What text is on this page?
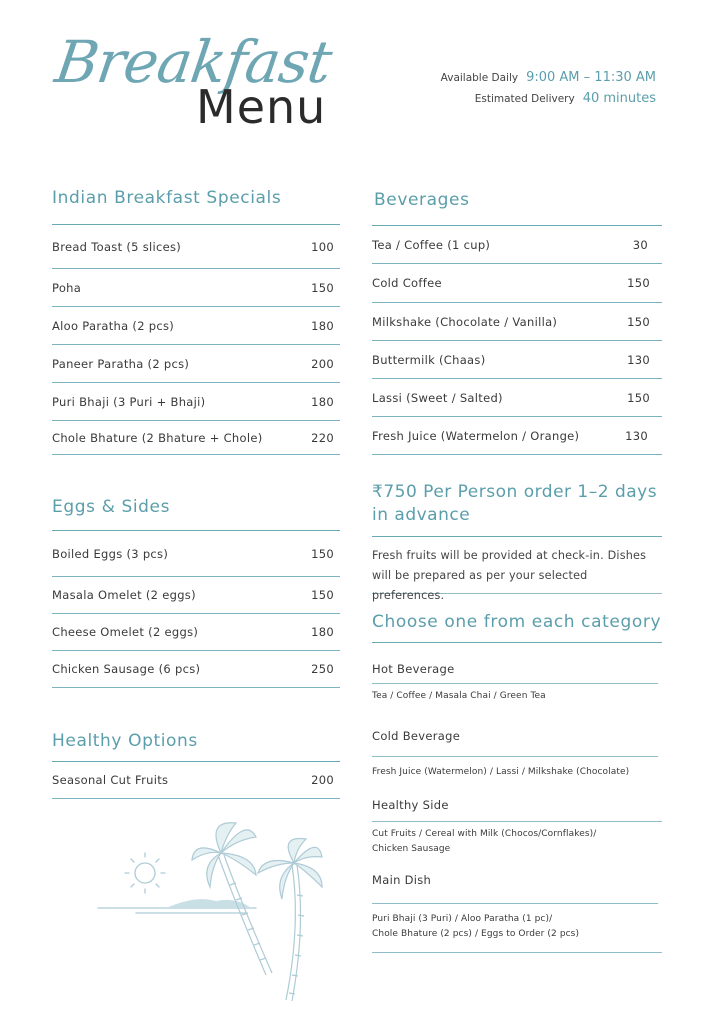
Breakfast
Menu
Available Daily 9:00 AM – 11:30 AM
Estimated Delivery 40 minutes
Indian Breakfast Specials
Bread Toast (5 slices)	100
Poha	150
Aloo Paratha (2 pcs)	180
Paneer Paratha (2 pcs)	200
Puri Bhaji (3 Puri + Bhaji)	180
Chole Bhature (2 Bhature + Chole)	220
Eggs & Sides
Boiled Eggs (3 pcs)	150
Masala Omelet (2 eggs)	150
Cheese Omelet (2 eggs)	180
Chicken Sausage (6 pcs)	250
Healthy Options
Seasonal Cut Fruits	200
Beverages
Tea / Coffee (1 cup)	30
Cold Coffee	150
Milkshake (Chocolate / Vanilla)	150
Buttermilk (Chaas)	130
Lassi (Sweet / Salted)	150
Fresh Juice (Watermelon / Orange)	130
₹750 Per Person order 1–2 days in advance
Fresh fruits will be provided at check-in. Dishes will be prepared as per your selected preferences.
Choose one from each category
Hot Beverage
Tea / Coffee / Masala Chai / Green Tea
Cold Beverage
Fresh Juice (Watermelon) / Lassi / Milkshake (Chocolate)
Healthy Side
Cut Fruits / Cereal with Milk (Chocos/Cornflakes)/
Chicken Sausage
Main Dish
Puri Bhaji (3 Puri) / Aloo Paratha (1 pc)/
Chole Bhature (2 pcs) / Eggs to Order (2 pcs)
